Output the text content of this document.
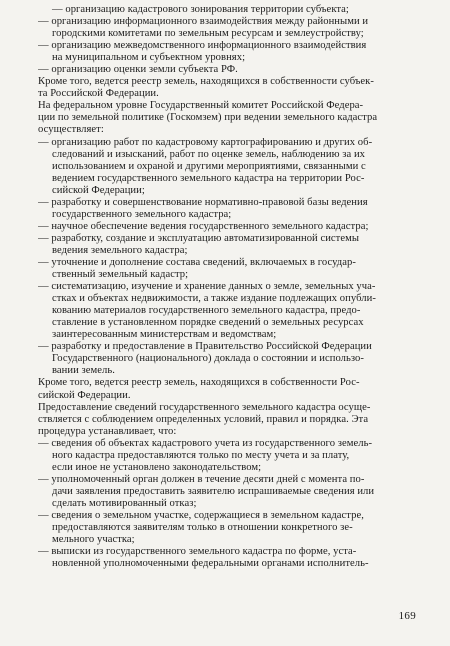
— организацию кадастрового зонирования территории субъекта;
— организацию информационного взаимодействия между районными и
городскими комитетами по земельным ресурсам и землеустройству;
— организацию межведомственного информационного взаимодействия
на муниципальном и субъектном уровнях;
— организацию оценки земли субъекта РФ.
Кроме того, ведется реестр земель, находящихся в собственности субъек-
та Российской Федерации.
На федеральном уровне Государственный комитет Российской Федера-
ции по земельной политике (Госкомзем) при ведении земельного кадастра
осуществляет:
— организацию работ по кадастровому картографированию и других об-
следований и изысканий, работ по оценке земель, наблюдению за их
использованием и охраной и другими мероприятиями, связанными с
ведением государственного земельного кадастра на территории Рос-
сийской Федерации;
— разработку и совершенствование нормативно-правовой базы ведения
государственного земельного кадастра;
— научное обеспечение ведения государственного земельного кадастра;
— разработку, создание и эксплуатацию автоматизированной системы
ведения земельного кадастра;
— уточнение и дополнение состава сведений, включаемых в государ-
ственный земельный кадастр;
— систематизацию, изучение и хранение данных о земле, земельных уча-
стках и объектах недвижимости, а также издание подлежащих опубли-
кованию материалов государственного земельного кадастра, предо-
ставление в установленном порядке сведений о земельных ресурсах
заинтересованным министерствам и ведомствам;
— разработку и предоставление в Правительство Российской Федерации
Государственного (национального) доклада о состоянии и использо-
вании земель.
Кроме того, ведется реестр земель, находящихся в собственности Рос-
сийской Федерации.
Предоставление сведений государственного земельного кадастра осуще-
ствляется с соблюдением определенных условий, правил и порядка. Эта
процедура устанавливает, что:
— сведения об объектах кадастрового учета из государственного земель-
ного кадастра предоставляются только по месту учета и за плату,
если иное не установлено законодательством;
— уполномоченный орган должен в течение десяти дней с момента по-
дачи заявления предоставить заявителю испрашиваемые сведения или
сделать мотивированный отказ;
— сведения о земельном участке, содержащиеся в земельном кадастре,
предоставляются заявителям только в отношении конкретного зе-
мельного участка;
— выписки из государственного земельного кадастра по форме, уста-
новленной уполномоченными федеральными органами исполнитель-
169
